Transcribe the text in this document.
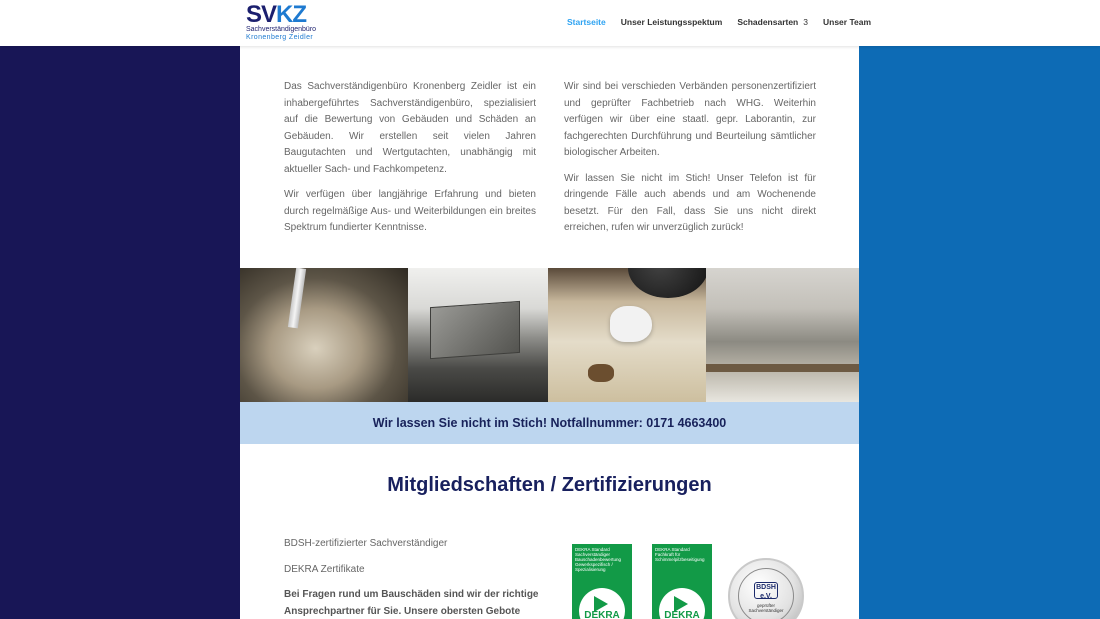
SVKZ
Sachverständigenbüro
Kronenberg Zeidler
Startseite Unser Leistungsspektum Schadensarten 3 Unser Team

Das Sachverständigenbüro Kronenberg Zeidler ist ein inhabergeführtes Sachverständigenbüro, spezialisiert auf die Bewertung von Gebäuden und Schäden an Gebäuden. Wir erstellen seit vielen Jahren Baugutachten und Wertgutachten, unabhängig mit aktueller Sach- und Fachkompetenz.

Wir verfügen über langjährige Erfahrung und bieten durch regelmäßige Aus- und Weiterbildungen ein breites Spektrum fundierter Kenntnisse.

Wir sind bei verschieden Verbänden personenzertifiziert und geprüfter Fachbetrieb nach WHG. Weiterhin verfügen wir über eine staatl. gepr. Laborantin, zur fachgerechten Durchführung und Beurteilung sämtlicher biologischer Arbeiten.

Wir lassen Sie nicht im Stich! Unser Telefon ist für dringende Fälle auch abends und am Wochenende besetzt. Für den Fall, dass Sie uns nicht direkt erreichen, rufen wir unverzüglich zurück!

Wir lassen Sie nicht im Stich! Notfallnummer: 0171 4663400
Mitgliedschaften / Zertifizierungen

BDSH-zertifizierter Sachverständiger

DEKRA Zertifikate

Bei Fragen rund um Bauschäden sind wir der richtige Ansprechpartner für Sie. Unsere obersten Gebote

DEKRA Standard Sachverständiger Bauschadenbewertung Gewerkspezifisch / Spezialisierung
DEKRA
DEKRA Standard Fachkraft für Schimmelpilzbeseitigung
DEKRA
BDSH e.V.
geprüfter Sachverständiger
